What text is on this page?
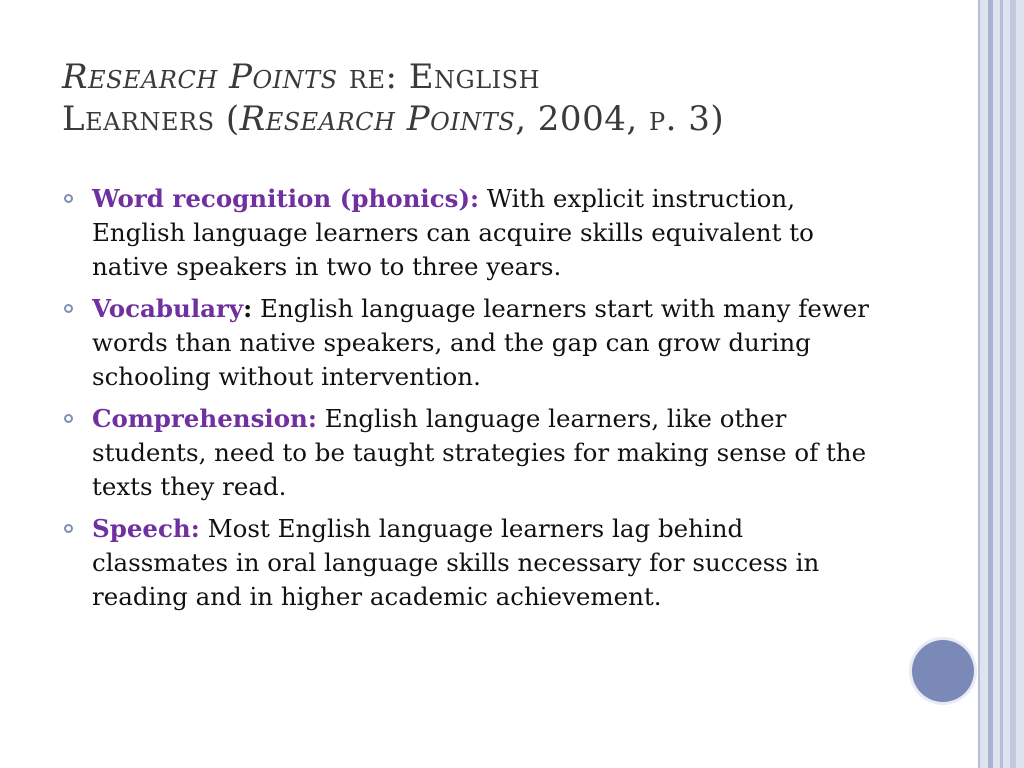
Research Points re: English
Learners (Research Points, 2004, p. 3)
Word recognition (phonics): With explicit instruction, English language learners can acquire skills equivalent to native speakers in two to three years.
Vocabulary: English language learners start with many fewer words than native speakers, and the gap can grow during schooling without intervention.
Comprehension: English language learners, like other students, need to be taught strategies for making sense of the texts they read.
Speech: Most English language learners lag behind classmates in oral language skills necessary for success in reading and in higher academic achievement.
